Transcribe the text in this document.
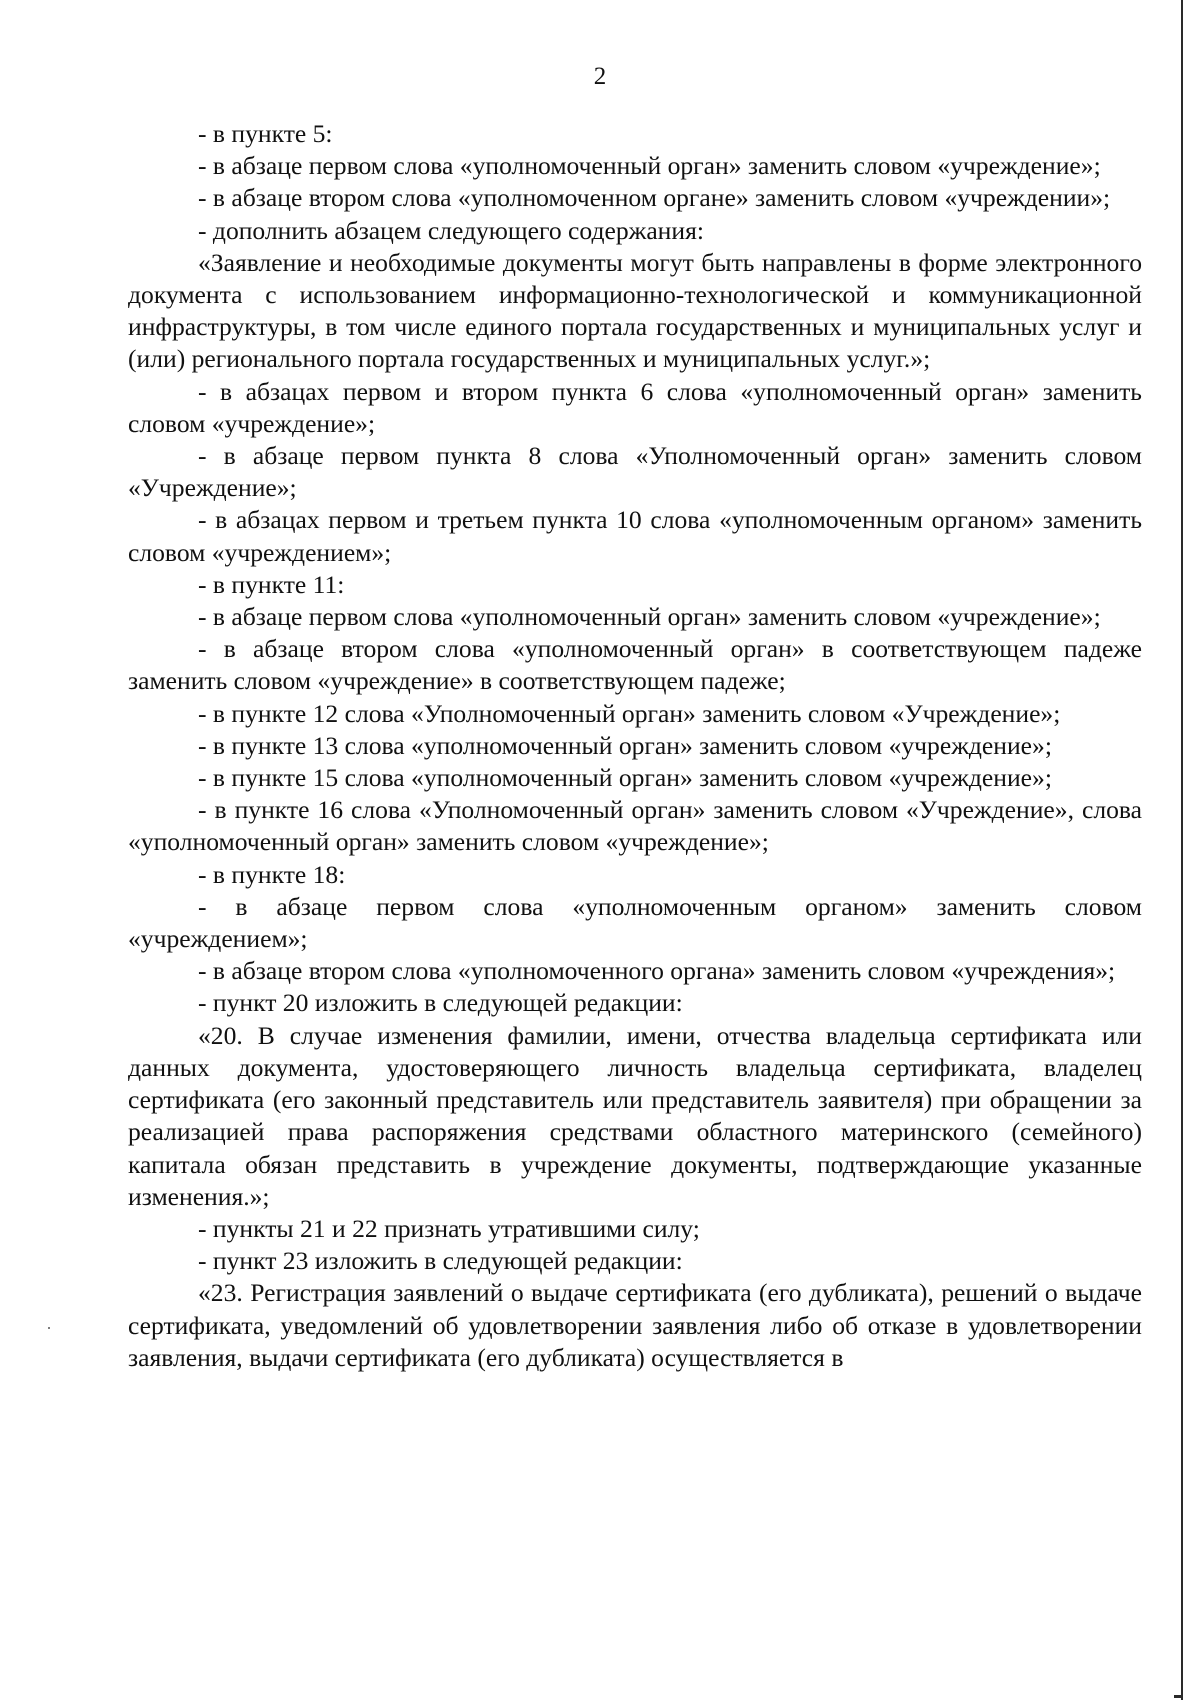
2

- в пункте 5:

- в абзаце первом слова «уполномоченный орган» заменить словом «учреждение»;

- в абзаце втором слова «уполномоченном органе» заменить словом «учреждении»;

- дополнить абзацем следующего содержания:

«Заявление и необходимые документы могут быть направлены в форме электронного документа с использованием информационно-технологической и коммуникационной инфраструктуры, в том числе единого портала государственных и муниципальных услуг и (или) регионального портала государственных и муниципальных услуг.»;

- в абзацах первом и втором пункта 6 слова «уполномоченный орган» заменить словом «учреждение»;

- в абзаце первом пункта 8 слова «Уполномоченный орган» заменить словом «Учреждение»;

- в абзацах первом и третьем пункта 10 слова «уполномоченным органом» заменить словом «учреждением»;

- в пункте 11:

- в абзаце первом слова «уполномоченный орган» заменить словом «учреждение»;

- в абзаце втором слова «уполномоченный орган» в соответствующем падеже заменить словом «учреждение» в соответствующем падеже;

- в пункте 12 слова «Уполномоченный орган» заменить словом «Учреждение»;

- в пункте 13 слова «уполномоченный орган» заменить словом «учреждение»;

- в пункте 15 слова «уполномоченный орган» заменить словом «учреждение»;

- в пункте 16 слова «Уполномоченный орган» заменить словом «Учреждение», слова «уполномоченный орган» заменить словом «учреждение»;

- в пункте 18:

- в абзаце первом слова «уполномоченным органом» заменить словом «учреждением»;

- в абзаце втором слова «уполномоченного органа» заменить словом «учреждения»;

- пункт 20 изложить в следующей редакции:

«20. В случае изменения фамилии, имени, отчества владельца сертификата или данных документа, удостоверяющего личность владельца сертификата, владелец сертификата (его законный представитель или представитель заявителя) при обращении за реализацией права распоряжения средствами областного материнского (семейного) капитала обязан представить в учреждение документы, подтверждающие указанные изменения.»;

- пункты 21 и 22 признать утратившими силу;

- пункт 23 изложить в следующей редакции:

«23. Регистрация заявлений о выдаче сертификата (его дубликата), решений о выдаче сертификата, уведомлений об удовлетворении заявления либо об отказе в удовлетворении заявления, выдачи сертификата (его дубликата) осуществляется в
